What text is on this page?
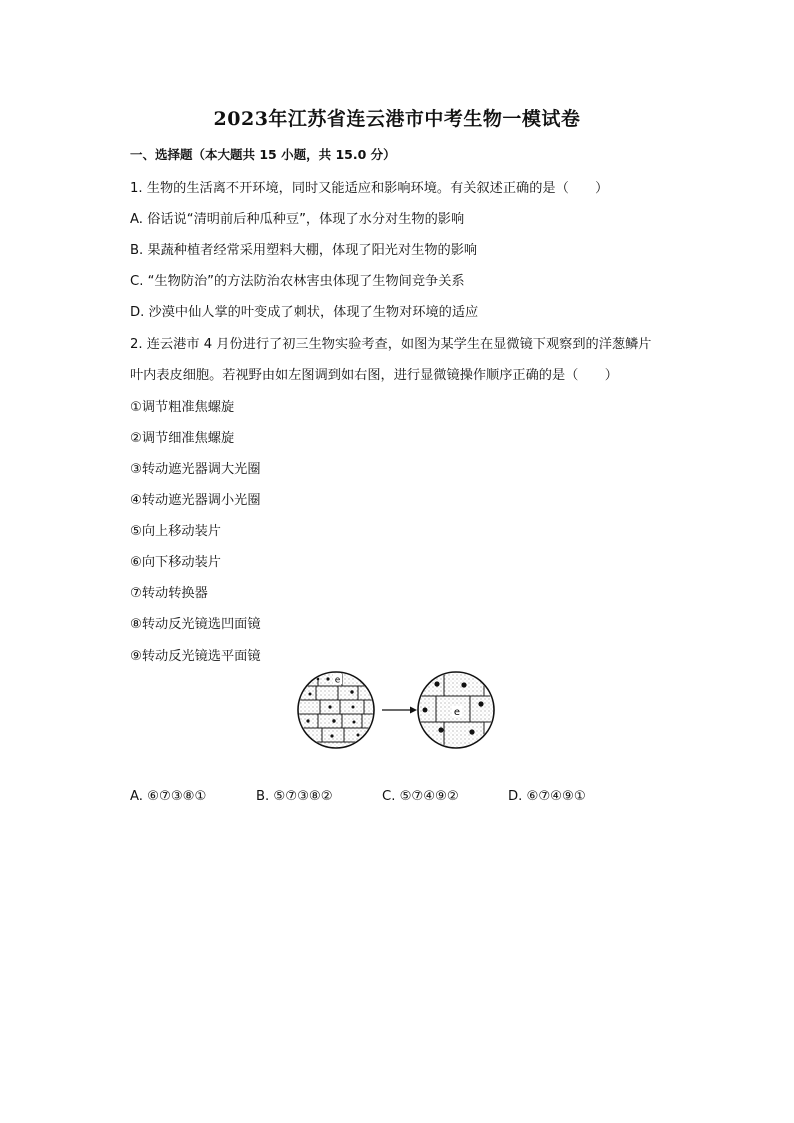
2023年江苏省连云港市中考生物一模试卷
一、选择题（本大题共 15 小题，共 15.0 分）
1. 生物的生活离不开环境，同时又能适应和影响环境。有关叙述正确的是（　　）
A. 俗话说“清明前后种瓜种豆”，体现了水分对生物的影响
B. 果蔬种植者经常采用塑料大棚，体现了阳光对生物的影响
C. “生物防治”的方法防治农林害虫体现了生物间竞争关系
D. 沙漠中仙人掌的叶变成了刺状，体现了生物对环境的适应
2. 连云港市 4 月份进行了初三生物实验考查，如图为某学生在显微镜下观察到的洋葱鳞片
叶内表皮细胞。若视野由如左图调到如右图，进行显微镜操作顺序正确的是（　　）
①调节粗准焦螺旋
②调节细准焦螺旋
③转动遮光器调大光圈
④转动遮光器调小光圈
⑤向上移动装片
⑥向下移动装片
⑦转动转换器
⑧转动反光镜选凹面镜
⑨转动反光镜选平面镜
e
e
A. ⑥⑦③⑧①	B. ⑤⑦③⑧②	C. ⑤⑦④⑨②	D. ⑥⑦④⑨①
